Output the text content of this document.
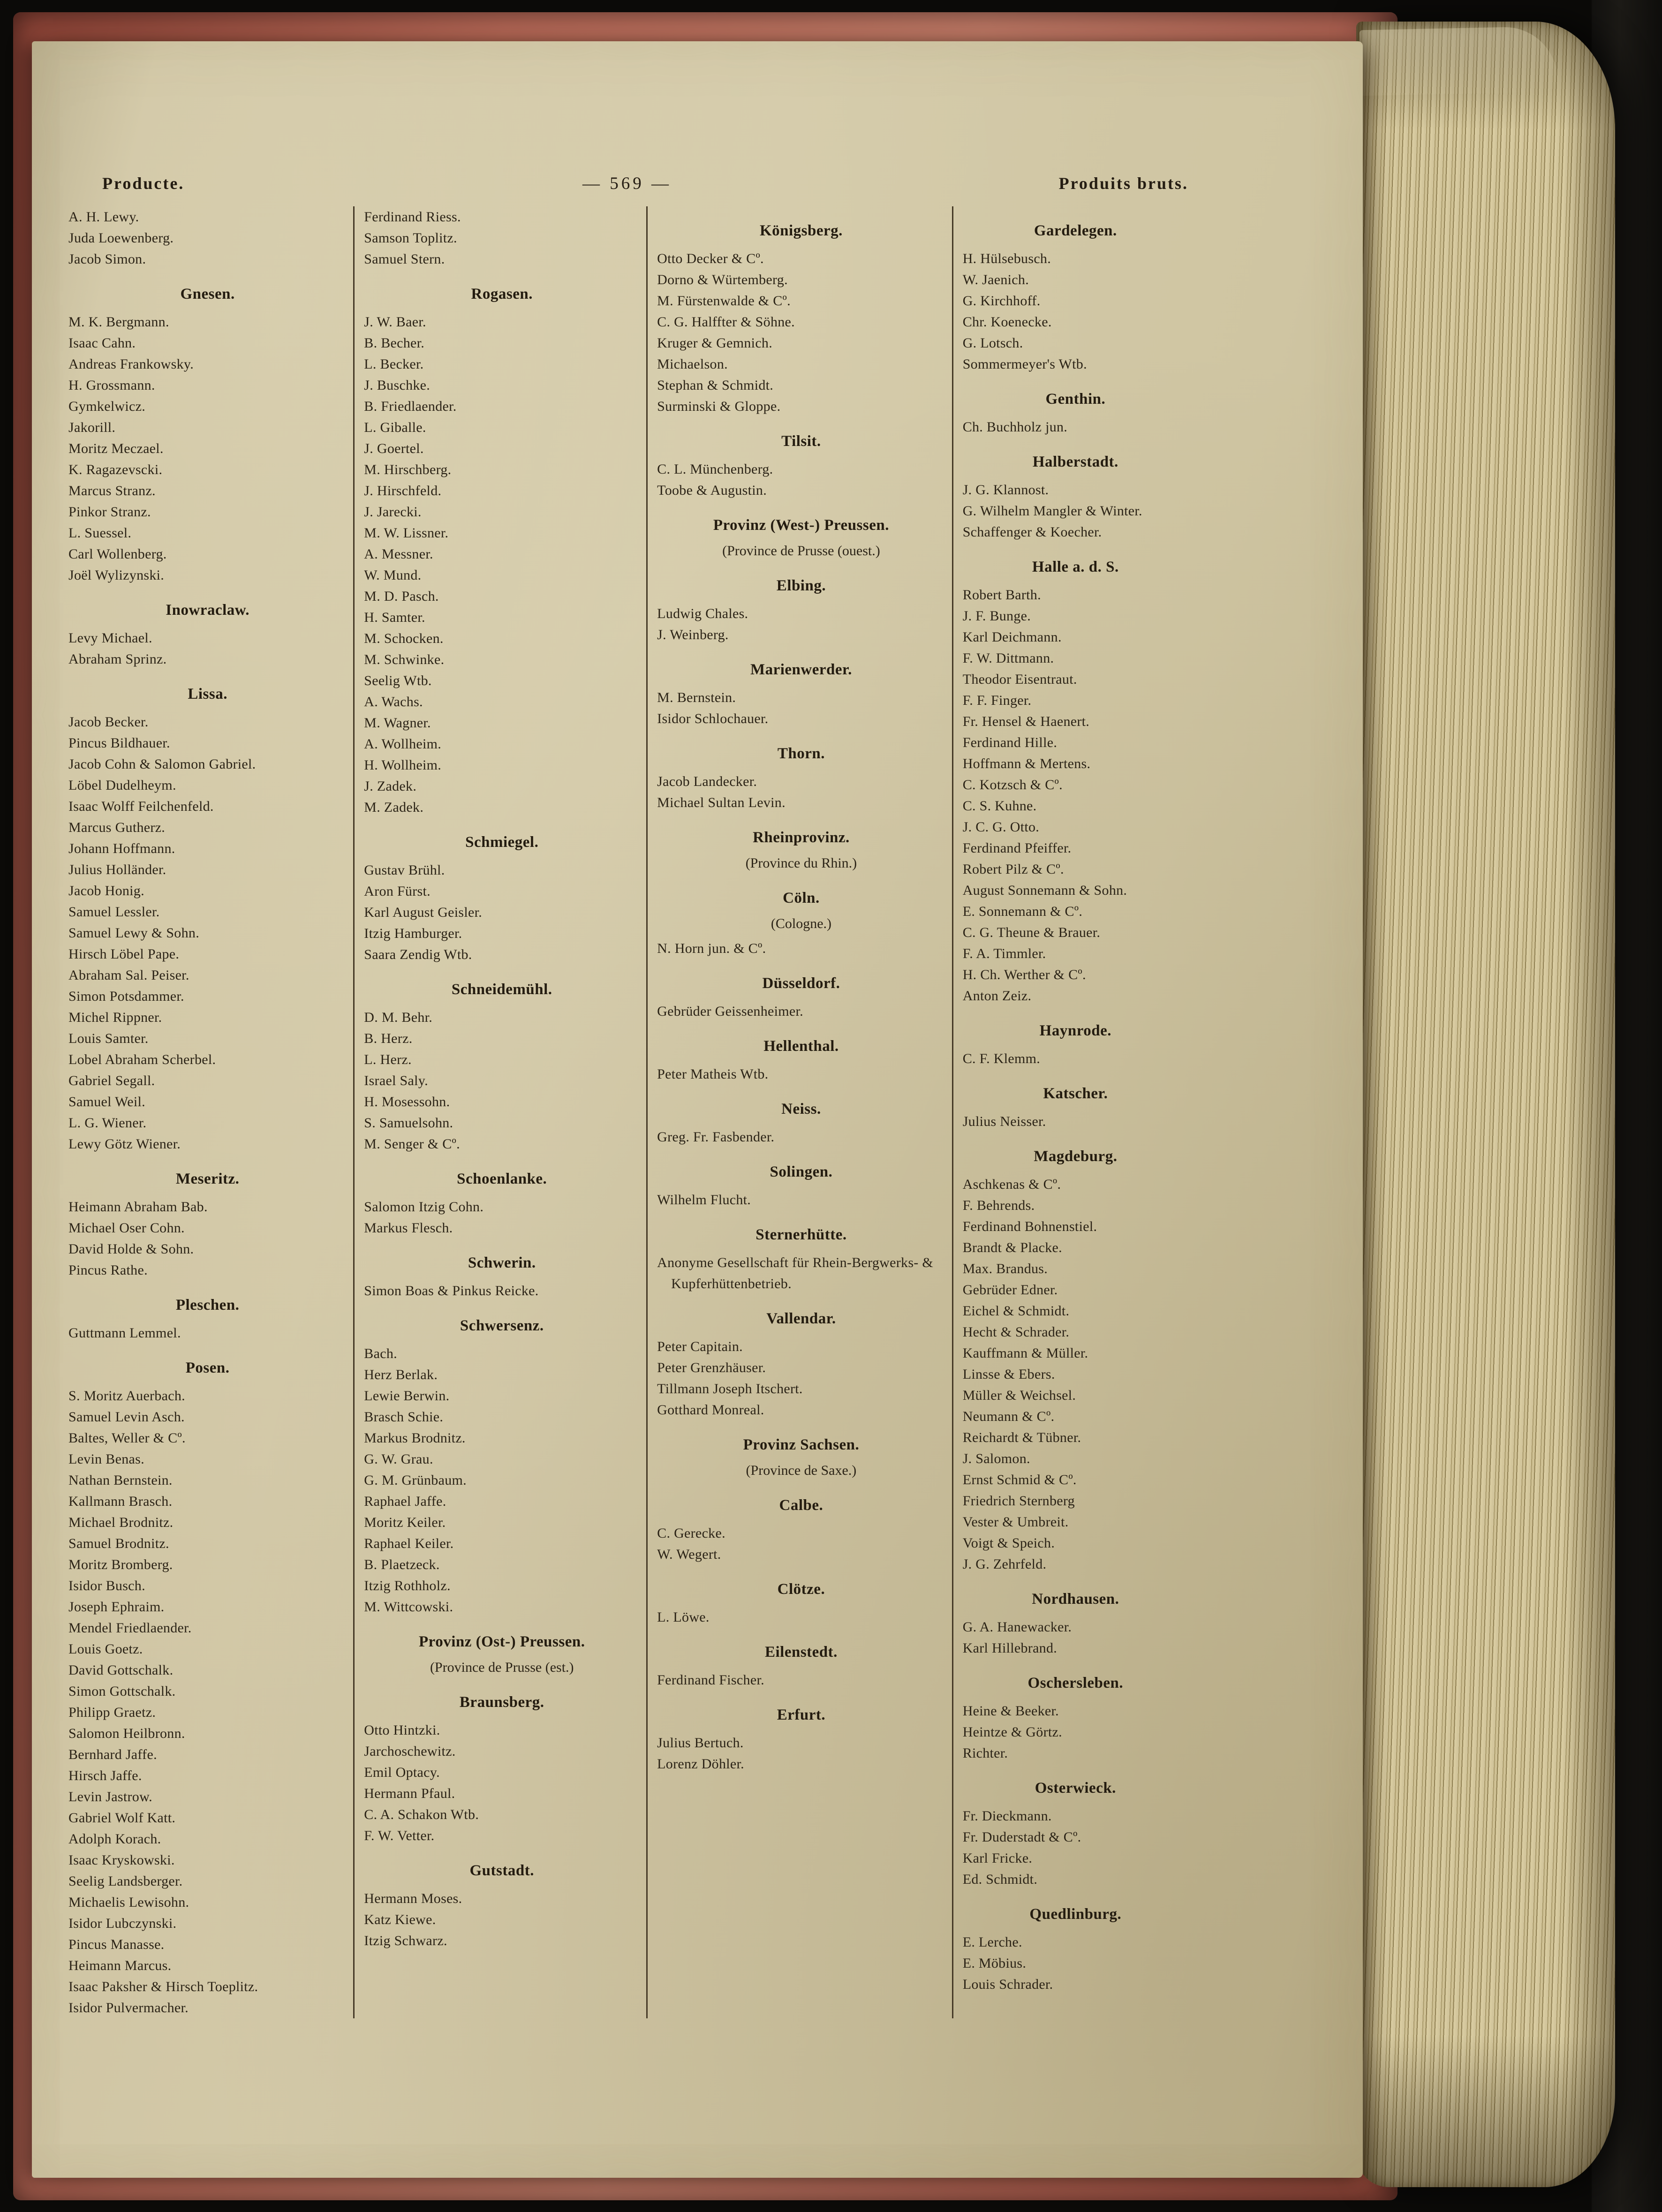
Producte.	— 569 —	Produits bruts.
A. H. Lewy.
Juda Loewenberg.
Jacob Simon.
Gnesen.
M. K. Bergmann.
Isaac Cahn.
Andreas Frankowsky.
H. Grossmann.
Gymkelwicz.
Jakorill.
Moritz Meczael.
K. Ragazevscki.
Marcus Stranz.
Pinkor Stranz.
L. Suessel.
Carl Wollenberg.
Joël Wylizynski.
Inowraclaw.
Levy Michael.
Abraham Sprinz.
Lissa.
Jacob Becker.
Pincus Bildhauer.
Jacob Cohn & Salomon Gabriel.
Löbel Dudelheym.
Isaac Wolff Feilchenfeld.
Marcus Gutherz.
Johann Hoffmann.
Julius Holländer.
Jacob Honig.
Samuel Lessler.
Samuel Lewy & Sohn.
Hirsch Löbel Pape.
Abraham Sal. Peiser.
Simon Potsdammer.
Michel Rippner.
Louis Samter.
Lobel Abraham Scherbel.
Gabriel Segall.
Samuel Weil.
L. G. Wiener.
Lewy Götz Wiener.
Meseritz.
Heimann Abraham Bab.
Michael Oser Cohn.
David Holde & Sohn.
Pincus Rathe.
Pleschen.
Guttmann Lemmel.
Posen.
S. Moritz Auerbach.
Samuel Levin Asch.
Baltes, Weller & Cº.
Levin Benas.
Nathan Bernstein.
Kallmann Brasch.
Michael Brodnitz.
Samuel Brodnitz.
Moritz Bromberg.
Isidor Busch.
Joseph Ephraim.
Mendel Friedlaender.
Louis Goetz.
David Gottschalk.
Simon Gottschalk.
Philipp Graetz.
Salomon Heilbronn.
Bernhard Jaffe.
Hirsch Jaffe.
Levin Jastrow.
Gabriel Wolf Katt.
Adolph Korach.
Isaac Kryskowski.
Seelig Landsberger.
Michaelis Lewisohn.
Isidor Lubczynski.
Pincus Manasse.
Heimann Marcus.
Isaac Paksher & Hirsch Toeplitz.
Isidor Pulvermacher.
Ferdinand Riess.
Samson Toplitz.
Samuel Stern.
Rogasen.
J. W. Baer.
B. Becher.
L. Becker.
J. Buschke.
B. Friedlaender.
L. Giballe.
J. Goertel.
M. Hirschberg.
J. Hirschfeld.
J. Jarecki.
M. W. Lissner.
A. Messner.
W. Mund.
M. D. Pasch.
H. Samter.
M. Schocken.
M. Schwinke.
Seelig Wtb.
A. Wachs.
M. Wagner.
A. Wollheim.
H. Wollheim.
J. Zadek.
M. Zadek.
Schmiegel.
Gustav Brühl.
Aron Fürst.
Karl August Geisler.
Itzig Hamburger.
Saara Zendig Wtb.
Schneidemühl.
D. M. Behr.
B. Herz.
L. Herz.
Israel Saly.
H. Mosessohn.
S. Samuelsohn.
M. Senger & Cº.
Schoenlanke.
Salomon Itzig Cohn.
Markus Flesch.
Schwerin.
Simon Boas & Pinkus Reicke.
Schwersenz.
Bach.
Herz Berlak.
Lewie Berwin.
Brasch Schie.
Markus Brodnitz.
G. W. Grau.
G. M. Grünbaum.
Raphael Jaffe.
Moritz Keiler.
Raphael Keiler.
B. Plaetzeck.
Itzig Rothholz.
M. Wittcowski.
Provinz (Ost-) Preussen.
(Province de Prusse (est.)
Braunsberg.
Otto Hintzki.
Jarchoschewitz.
Emil Optacy.
Hermann Pfaul.
C. A. Schakon Wtb.
F. W. Vetter.
Gutstadt.
Hermann Moses.
Katz Kiewe.
Itzig Schwarz.
Königsberg.
Otto Decker & Cº.
Dorno & Würtemberg.
M. Fürstenwalde & Cº.
C. G. Halffter & Söhne.
Kruger & Gemnich.
Michaelson.
Stephan & Schmidt.
Surminski & Gloppe.
Tilsit.
C. L. Münchenberg.
Toobe & Augustin.
Provinz (West-) Preussen.
(Province de Prusse (ouest.)
Elbing.
Ludwig Chales.
J. Weinberg.
Marienwerder.
M. Bernstein.
Isidor Schlochauer.
Thorn.
Jacob Landecker.
Michael Sultan Levin.
Rheinprovinz.
(Province du Rhin.)
Cöln.
(Cologne.)
N. Horn jun. & Cº.
Düsseldorf.
Gebrüder Geissenheimer.
Hellenthal.
Peter Matheis Wtb.
Neiss.
Greg. Fr. Fasbender.
Solingen.
Wilhelm Flucht.
Sternerhütte.
Anonyme Gesellschaft für Rhein-Bergwerks- & Kupferhüttenbetrieb.
Vallendar.
Peter Capitain.
Peter Grenzhäuser.
Tillmann Joseph Itschert.
Gotthard Monreal.
Provinz Sachsen.
(Province de Saxe.)
Calbe.
C. Gerecke.
W. Wegert.
Clötze.
L. Löwe.
Eilenstedt.
Ferdinand Fischer.
Erfurt.
Julius Bertuch.
Lorenz Döhler.
Gardelegen.
H. Hülsebusch.
W. Jaenich.
G. Kirchhoff.
Chr. Koenecke.
G. Lotsch.
Sommermeyer's Wtb.
Genthin.
Ch. Buchholz jun.
Halberstadt.
J. G. Klannost.
G. Wilhelm Mangler & Winter.
Schaffenger & Koecher.
Halle a. d. S.
Robert Barth.
J. F. Bunge.
Karl Deichmann.
F. W. Dittmann.
Theodor Eisentraut.
F. F. Finger.
Fr. Hensel & Haenert.
Ferdinand Hille.
Hoffmann & Mertens.
C. Kotzsch & Cº.
C. S. Kuhne.
J. C. G. Otto.
Ferdinand Pfeiffer.
Robert Pilz & Cº.
August Sonnemann & Sohn.
E. Sonnemann & Cº.
C. G. Theune & Brauer.
F. A. Timmler.
H. Ch. Werther & Cº.
Anton Zeiz.
Haynrode.
C. F. Klemm.
Katscher.
Julius Neisser.
Magdeburg.
Aschkenas & Cº.
F. Behrends.
Ferdinand Bohnenstiel.
Brandt & Placke.
Max. Brandus.
Gebrüder Edner.
Eichel & Schmidt.
Hecht & Schrader.
Kauffmann & Müller.
Linsse & Ebers.
Müller & Weichsel.
Neumann & Cº.
Reichardt & Tübner.
J. Salomon.
Ernst Schmid & Cº.
Friedrich Sternberg
Vester & Umbreit.
Voigt & Speich.
J. G. Zehrfeld.
Nordhausen.
G. A. Hanewacker.
Karl Hillebrand.
Oschersleben.
Heine & Beeker.
Heintze & Görtz.
Richter.
Osterwieck.
Fr. Dieckmann.
Fr. Duderstadt & Cº.
Karl Fricke.
Ed. Schmidt.
Quedlinburg.
E. Lerche.
E. Möbius.
Louis Schrader.
